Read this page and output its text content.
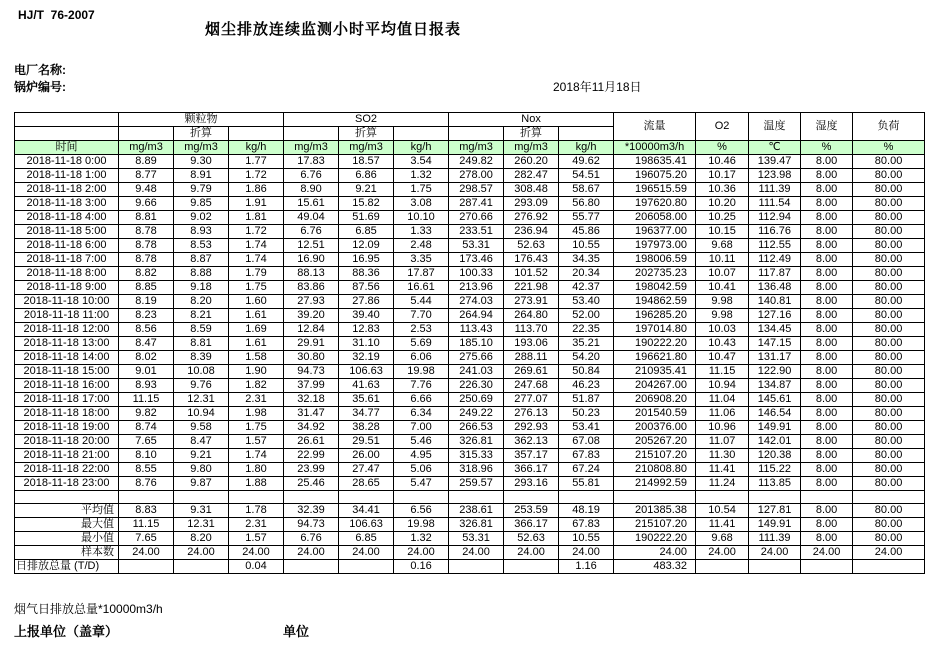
HJ/T  76-2007
烟尘排放连续监测小时平均值日报表
电厂名称:
锅炉编号:	2018年11月18日
	颗粒物			SO2			Nox			流量	O2	温度	湿度	负荷
		折算			折算			折算						
时间	mg/m3	mg/m3	kg/h	mg/m3	mg/m3	kg/h	mg/m3	mg/m3	kg/h	*10000m3/h	%	℃	%	%
2018-11-18 0:00	8.89	9.30	1.77	17.83	18.57	3.54	249.82	260.20	49.62	198635.41	10.46	139.47	8.00	80.00
2018-11-18 1:00	8.77	8.91	1.72	6.76	6.86	1.32	278.00	282.47	54.51	196075.20	10.17	123.98	8.00	80.00
2018-11-18 2:00	9.48	9.79	1.86	8.90	9.21	1.75	298.57	308.48	58.67	196515.59	10.36	111.39	8.00	80.00
2018-11-18 3:00	9.66	9.85	1.91	15.61	15.82	3.08	287.41	293.09	56.80	197620.80	10.20	111.54	8.00	80.00
2018-11-18 4:00	8.81	9.02	1.81	49.04	51.69	10.10	270.66	276.92	55.77	206058.00	10.25	112.94	8.00	80.00
2018-11-18 5:00	8.78	8.93	1.72	6.76	6.85	1.33	233.51	236.94	45.86	196377.00	10.15	116.76	8.00	80.00
2018-11-18 6:00	8.78	8.53	1.74	12.51	12.09	2.48	53.31	52.63	10.55	197973.00	9.68	112.55	8.00	80.00
2018-11-18 7:00	8.78	8.87	1.74	16.90	16.95	3.35	173.46	176.43	34.35	198006.59	10.11	112.49	8.00	80.00
2018-11-18 8:00	8.82	8.88	1.79	88.13	88.36	17.87	100.33	101.52	20.34	202735.23	10.07	117.87	8.00	80.00
2018-11-18 9:00	8.85	9.18	1.75	83.86	87.56	16.61	213.96	221.98	42.37	198042.59	10.41	136.48	8.00	80.00
2018-11-18 10:00	8.19	8.20	1.60	27.93	27.86	5.44	274.03	273.91	53.40	194862.59	9.98	140.81	8.00	80.00
2018-11-18 11:00	8.23	8.21	1.61	39.20	39.40	7.70	264.94	264.80	52.00	196285.20	9.98	127.16	8.00	80.00
2018-11-18 12:00	8.56	8.59	1.69	12.84	12.83	2.53	113.43	113.70	22.35	197014.80	10.03	134.45	8.00	80.00
2018-11-18 13:00	8.47	8.81	1.61	29.91	31.10	5.69	185.10	193.06	35.21	190222.20	10.43	147.15	8.00	80.00
2018-11-18 14:00	8.02	8.39	1.58	30.80	32.19	6.06	275.66	288.11	54.20	196621.80	10.47	131.17	8.00	80.00
2018-11-18 15:00	9.01	10.08	1.90	94.73	106.63	19.98	241.03	269.61	50.84	210935.41	11.15	122.90	8.00	80.00
2018-11-18 16:00	8.93	9.76	1.82	37.99	41.63	7.76	226.30	247.68	46.23	204267.00	10.94	134.87	8.00	80.00
2018-11-18 17:00	11.15	12.31	2.31	32.18	35.61	6.66	250.69	277.07	51.87	206908.20	11.04	145.61	8.00	80.00
2018-11-18 18:00	9.82	10.94	1.98	31.47	34.77	6.34	249.22	276.13	50.23	201540.59	11.06	146.54	8.00	80.00
2018-11-18 19:00	8.74	9.58	1.75	34.92	38.28	7.00	266.53	292.93	53.41	200376.00	10.96	149.91	8.00	80.00
2018-11-18 20:00	7.65	8.47	1.57	26.61	29.51	5.46	326.81	362.13	67.08	205267.20	11.07	142.01	8.00	80.00
2018-11-18 21:00	8.10	9.21	1.74	22.99	26.00	4.95	315.33	357.17	67.83	215107.20	11.30	120.38	8.00	80.00
2018-11-18 22:00	8.55	9.80	1.80	23.99	27.47	5.06	318.96	366.17	67.24	210808.80	11.41	115.22	8.00	80.00
2018-11-18 23:00	8.76	9.87	1.88	25.46	28.65	5.47	259.57	293.16	55.81	214992.59	11.24	113.85	8.00	80.00

平均值	8.83	9.31	1.78	32.39	34.41	6.56	238.61	253.59	48.19	201385.38	10.54	127.81	8.00	80.00
最大值	11.15	12.31	2.31	94.73	106.63	19.98	326.81	366.17	67.83	215107.20	11.41	149.91	8.00	80.00
最小值	7.65	8.20	1.57	6.76	6.85	1.32	53.31	52.63	10.55	190222.20	9.68	111.39	8.00	80.00
样本数	24.00	24.00	24.00	24.00	24.00	24.00	24.00	24.00	24.00	24.00	24.00	24.00	24.00	24.00
日排放总量 (T/D)			0.04			0.16			1.16	483.32				
烟气日排放总量*10000m3/h
上报单位（盖章）	单位
